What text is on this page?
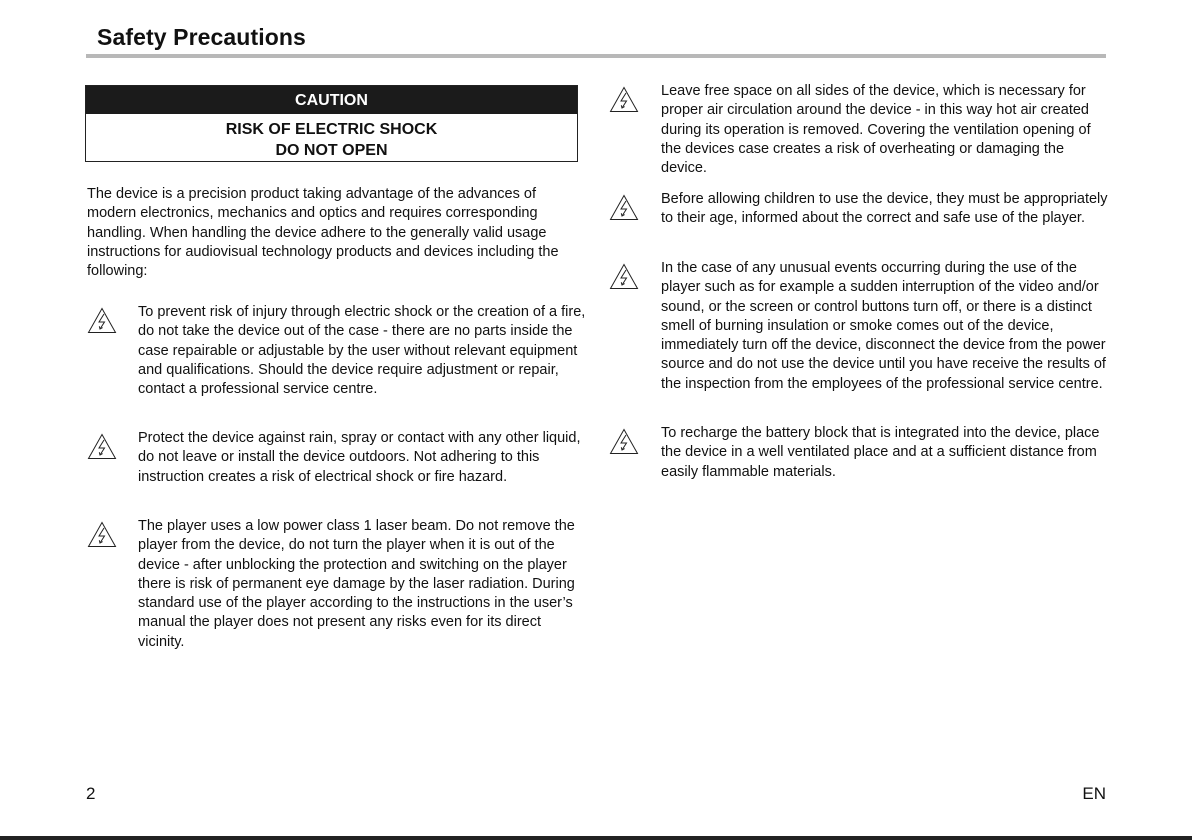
Safety Precautions
CAUTION
RISK OF ELECTRIC SHOCK
DO NOT OPEN

The device is a precision product taking advantage of the advances of modern electronics, mechanics and optics and requires corresponding handling. When handling the device adhere to the generally valid usage instructions for audiovisual technology products and devices including the following:

To prevent risk of injury through electric shock or the creation of a fire, do not take the device out of the case - there are no parts inside the case repairable or adjustable by the user without relevant equipment and qualifications. Should the device require adjustment or repair, contact a professional service centre.

Protect the device against rain, spray or contact with any other liquid, do not leave or install the device outdoors. Not adhering to this instruction creates a risk of electrical shock or fire hazard.

The player uses a low power class 1 laser beam. Do not remove the player from the device, do not turn the player when it is out of the device - after unblocking the protection and switching on the player there is risk of permanent eye damage by the laser radiation. During standard use of the player according to the instructions in the user’s manual the player does not present any risks even for its direct vicinity.

Leave free space on all sides of the device, which is necessary for proper air circulation around the device - in this way hot air created during its operation is removed. Covering the ventilation opening of the devices case creates a risk of overheating or damaging the device.

Before allowing children to use the device, they must be appropriately to their age, informed about the correct and safe use of the player.

In the case of any unusual events occurring during the use of the player such as for example a sudden interruption of the video and/or sound, or the screen or control buttons turn off, or there is a distinct smell of burning insulation or smoke comes out of the device, immediately turn off the device, disconnect the device from the power source and do not use the device until you have receive the results of the inspection from the employees of the professional service centre.

To recharge the battery block that is integrated into the device, place the device in a well ventilated place and at a sufficient distance from easily flammable materials.

2	EN
